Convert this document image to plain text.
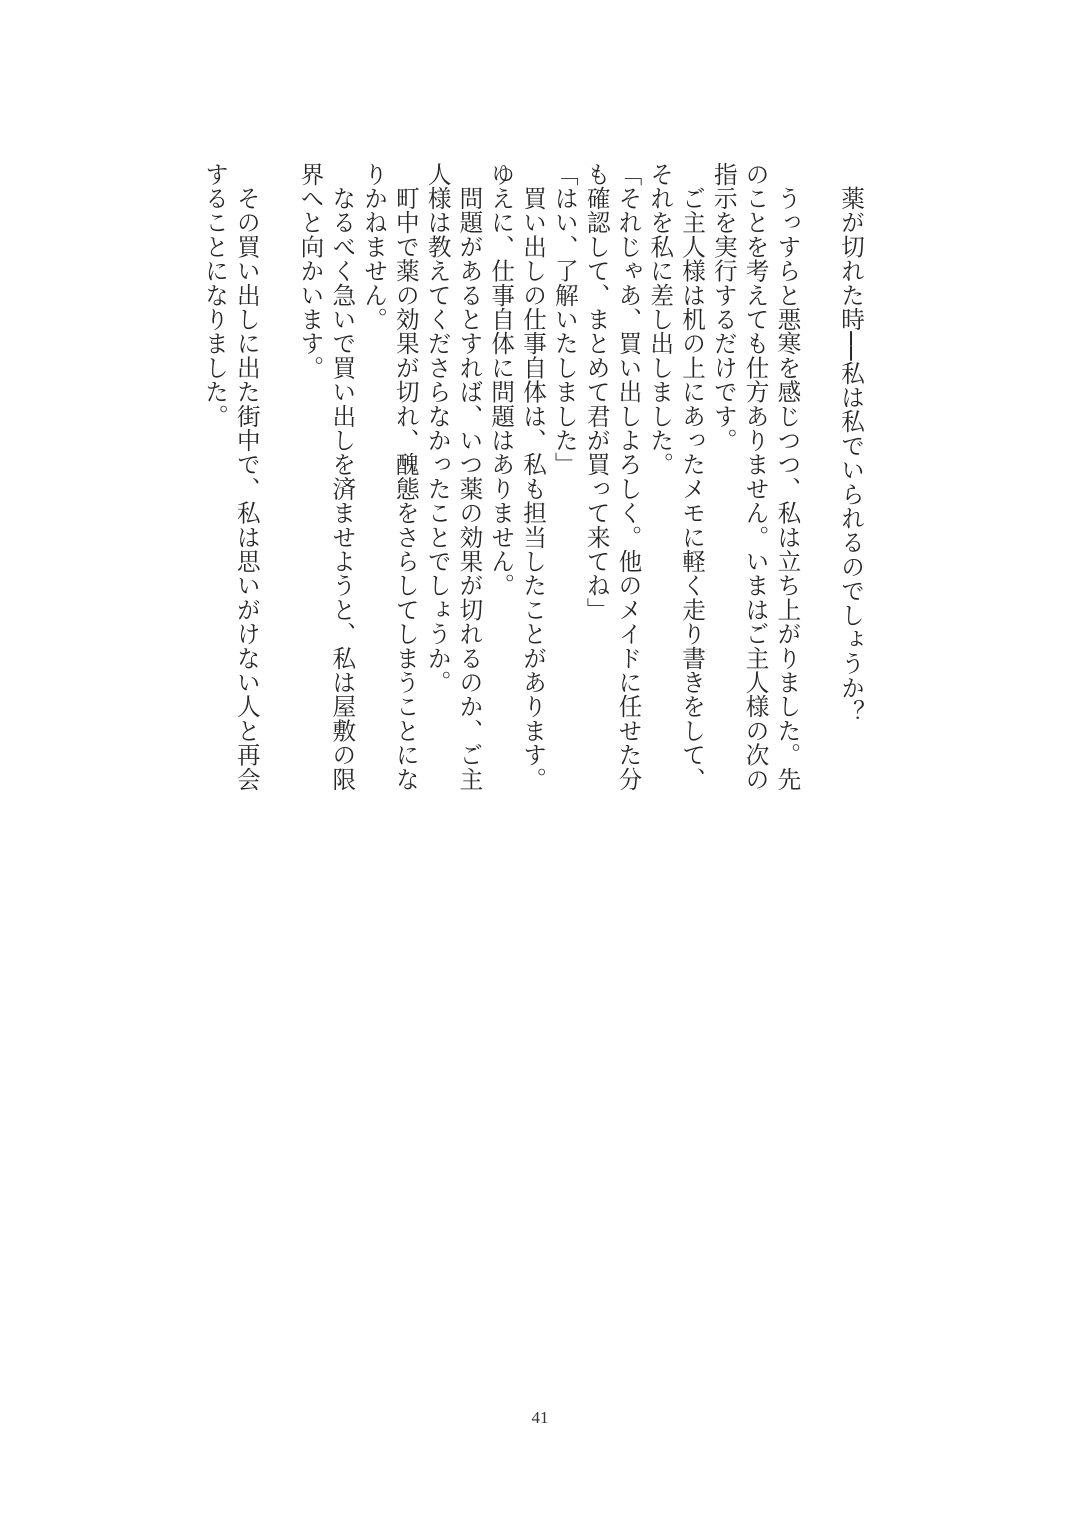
　薬が切れた時──私は私でいられるのでしょうか？

　うっすらと悪寒を感じつつ、私は立ち上がりました。先
のことを考えても仕方ありません。いまはご主人様の次の
指示を実行するだけです。
　ご主人様は机の上にあったメモに軽く走り書きをして、
それを私に差し出しました。
「それじゃあ、買い出しよろしく。他のメイドに任せた分
も確認して、まとめて君が買って来てね」
「はい、了解いたしました」
　買い出しの仕事自体は、私も担当したことがあります。
ゆえに、仕事自体に問題はありません。
　問題があるとすれば、いつ薬の効果が切れるのか、ご主
人様は教えてくださらなかったことでしょうか。
　町中で薬の効果が切れ、醜態をさらしてしまうことにな
りかねません。
　なるべく急いで買い出しを済ませようと、私は屋敷の限
界へと向かいます。

　その買い出しに出た街中で、私は思いがけない人と再会
することになりました。
41
